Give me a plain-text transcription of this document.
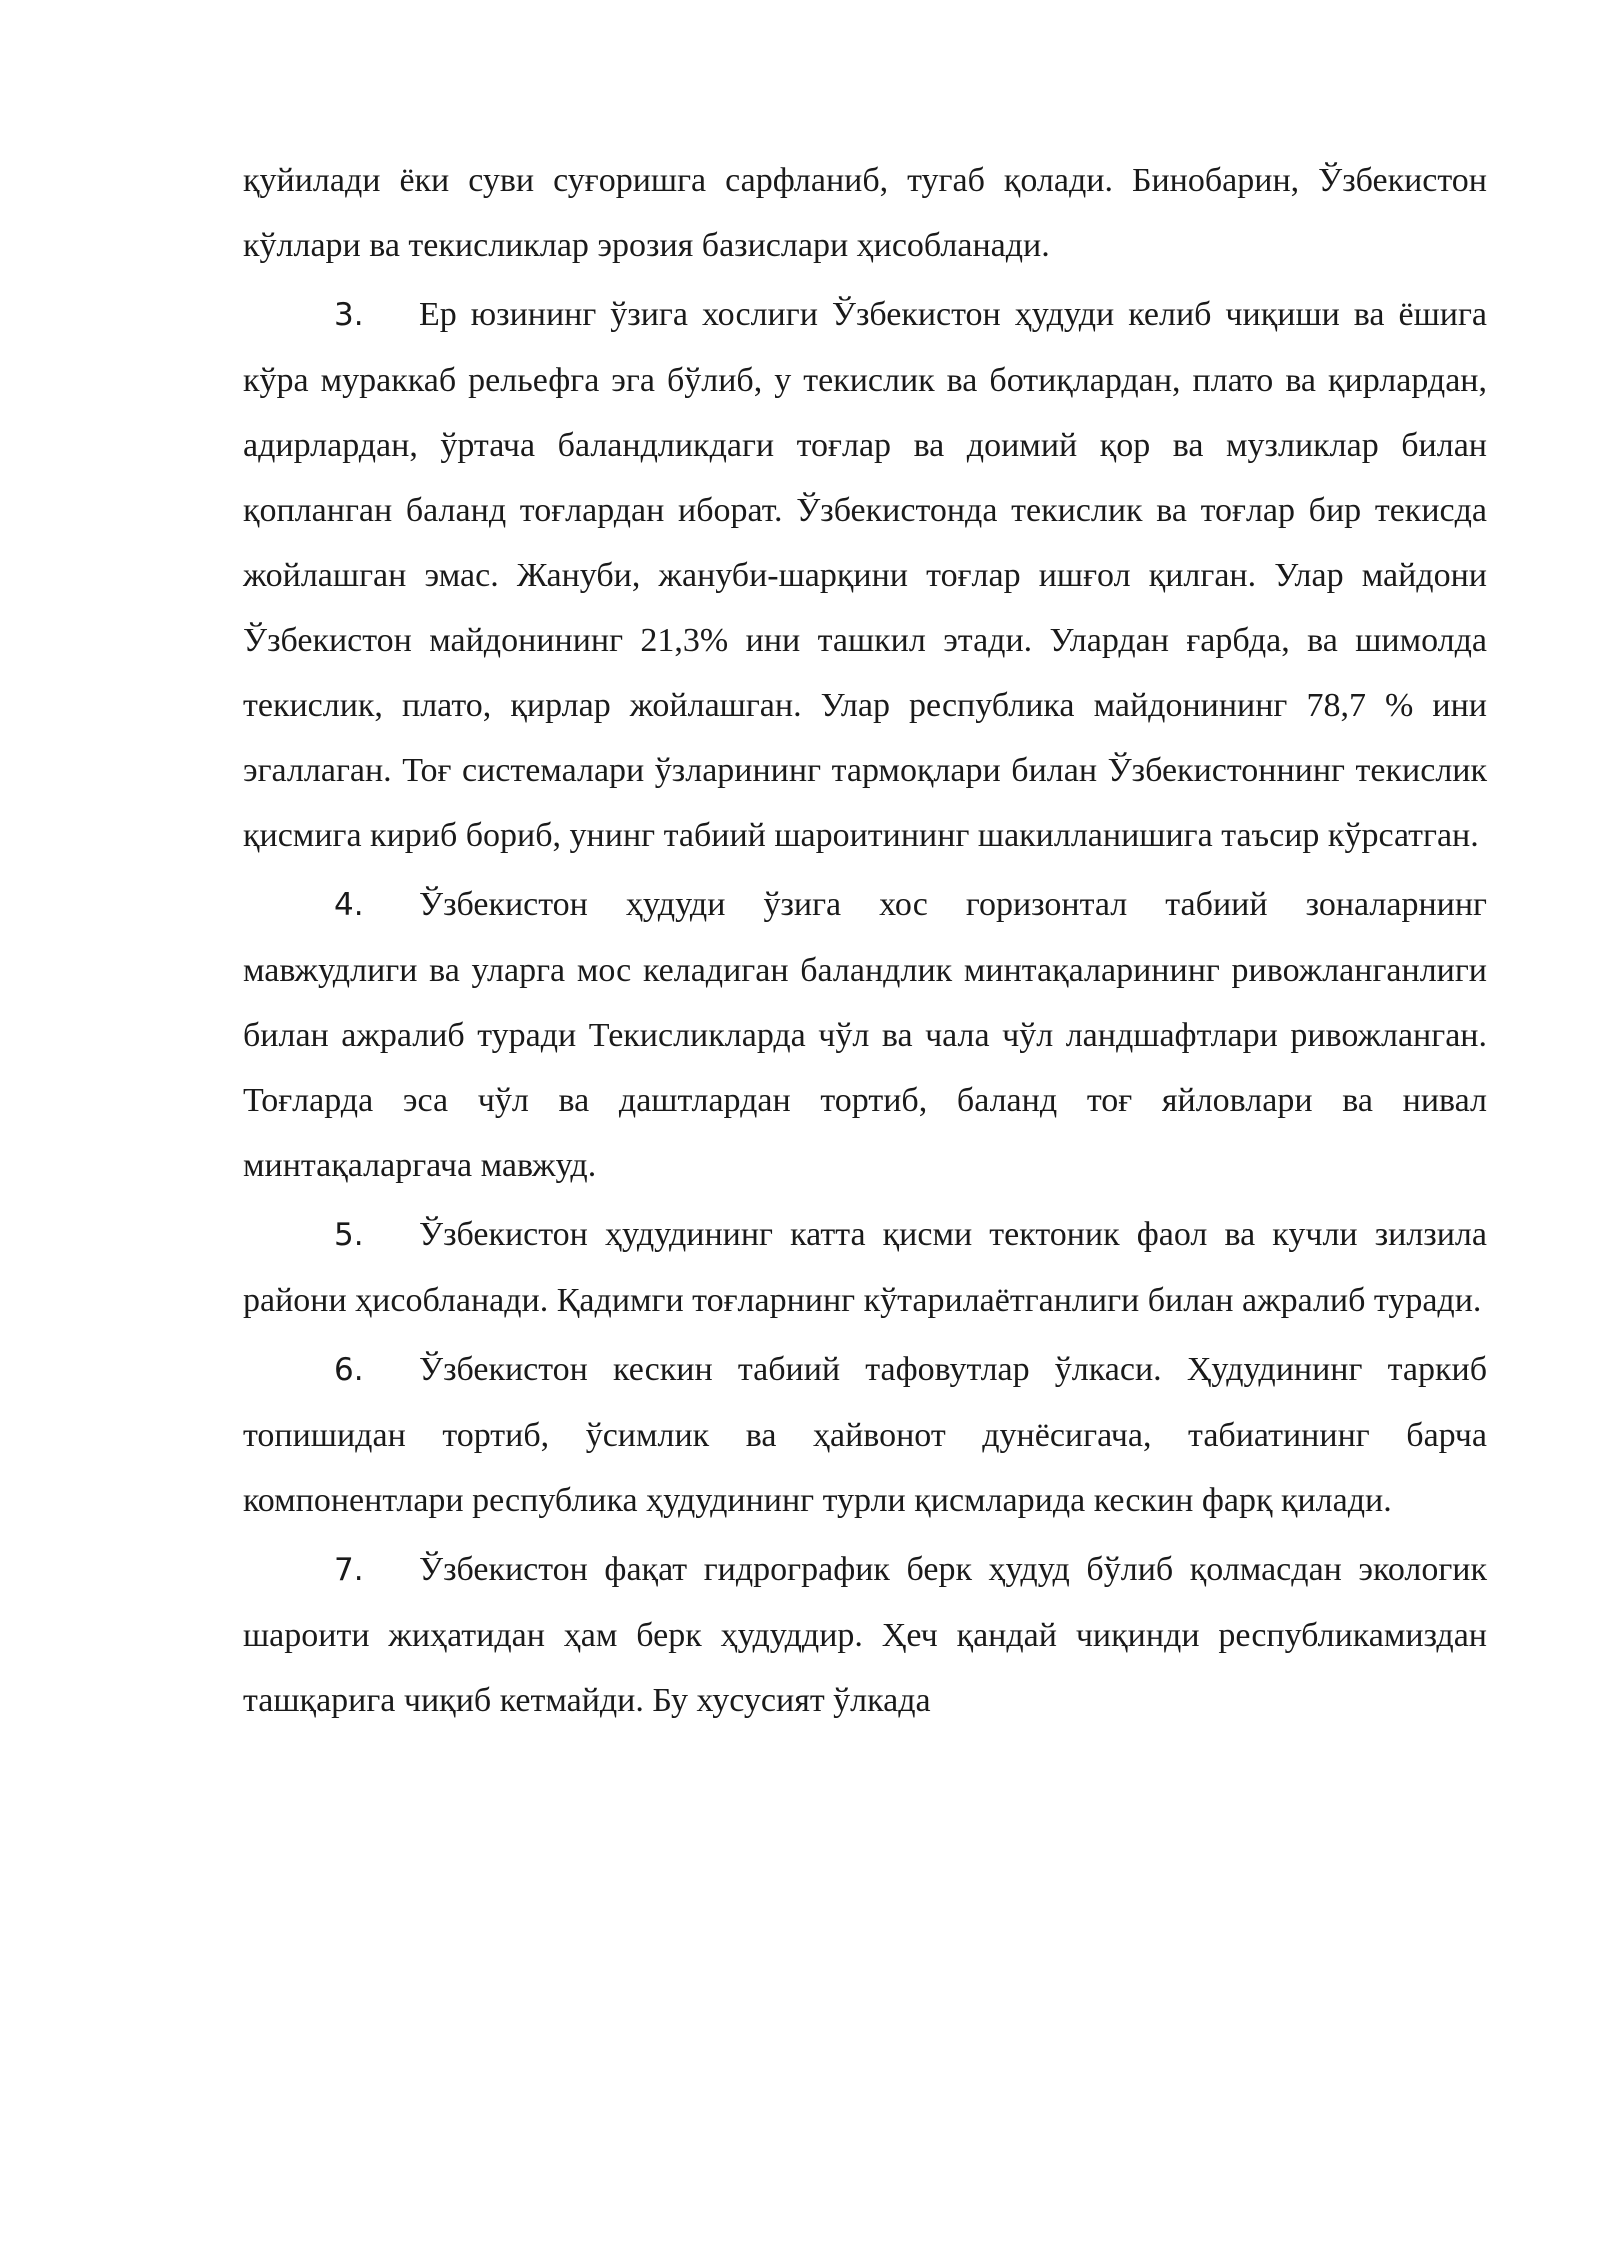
қуйилади ёки суви суғоришга сарфланиб, тугаб қолади. Бинобарин, Ўзбекистон кўллари ва текисликлар эрозия базислари ҳисобланади.

3. Ер юзининг ўзига хослиги Ўзбекистон ҳудуди келиб чиқиши ва ёшига кўра мураккаб рельефга эга бўлиб, у текислик ва ботиқлардан, плато ва қирлардан, адирлардан, ўртача баландликдаги тоғлар ва доимий қор ва музликлар билан қопланган баланд тоғлардан иборат. Ўзбекистонда текислик ва тоғлар бир текисда жойлашган эмас. Жануби, жануби-шарқини тоғлар ишғол қилган. Улар майдони Ўзбекистон майдонининг 21,3% ини ташкил этади. Улардан ғарбда, ва шимолда текислик, плато, қирлар жойлашган. Улар республика майдонининг 78,7 % ини эгаллаган. Тоғ системалари ўзларининг тармоқлари билан Ўзбекистоннинг текислик қисмига кириб бориб, унинг табиий шароитининг шакилланишига таъсир кўрсатган.

4. Ўзбекистон ҳудуди ўзига хос горизонтал табиий зоналарнинг мавжудлиги ва уларга мос келадиган баландлик минтақаларининг ривожланганлиги билан ажралиб туради Текисликларда чўл ва чала чўл ландшафтлари ривожланган. Тоғларда эса чўл ва даштлардан тортиб, баланд тоғ яйловлари ва нивал минтақаларгача мавжуд.

5. Ўзбекистон ҳудудининг катта қисми тектоник фаол ва кучли зилзила райони ҳисобланади. Қадимги тоғларнинг кўтарилаётганлиги билан ажралиб туради.

6. Ўзбекистон кескин табиий тафовутлар ўлкаси. Ҳудудининг таркиб топишидан тортиб, ўсимлик ва ҳайвонот дунёсигача, табиатининг барча компонентлари республика ҳудудининг турли қисмларида кескин фарқ қилади.

7. Ўзбекистон фақат гидрографик берк ҳудуд бўлиб қолмасдан экологик шароити жиҳатидан ҳам берк ҳудуддир. Ҳеч қандай чиқинди республикамиздан ташқарига чиқиб кетмайди. Бу хусусият ўлкада
